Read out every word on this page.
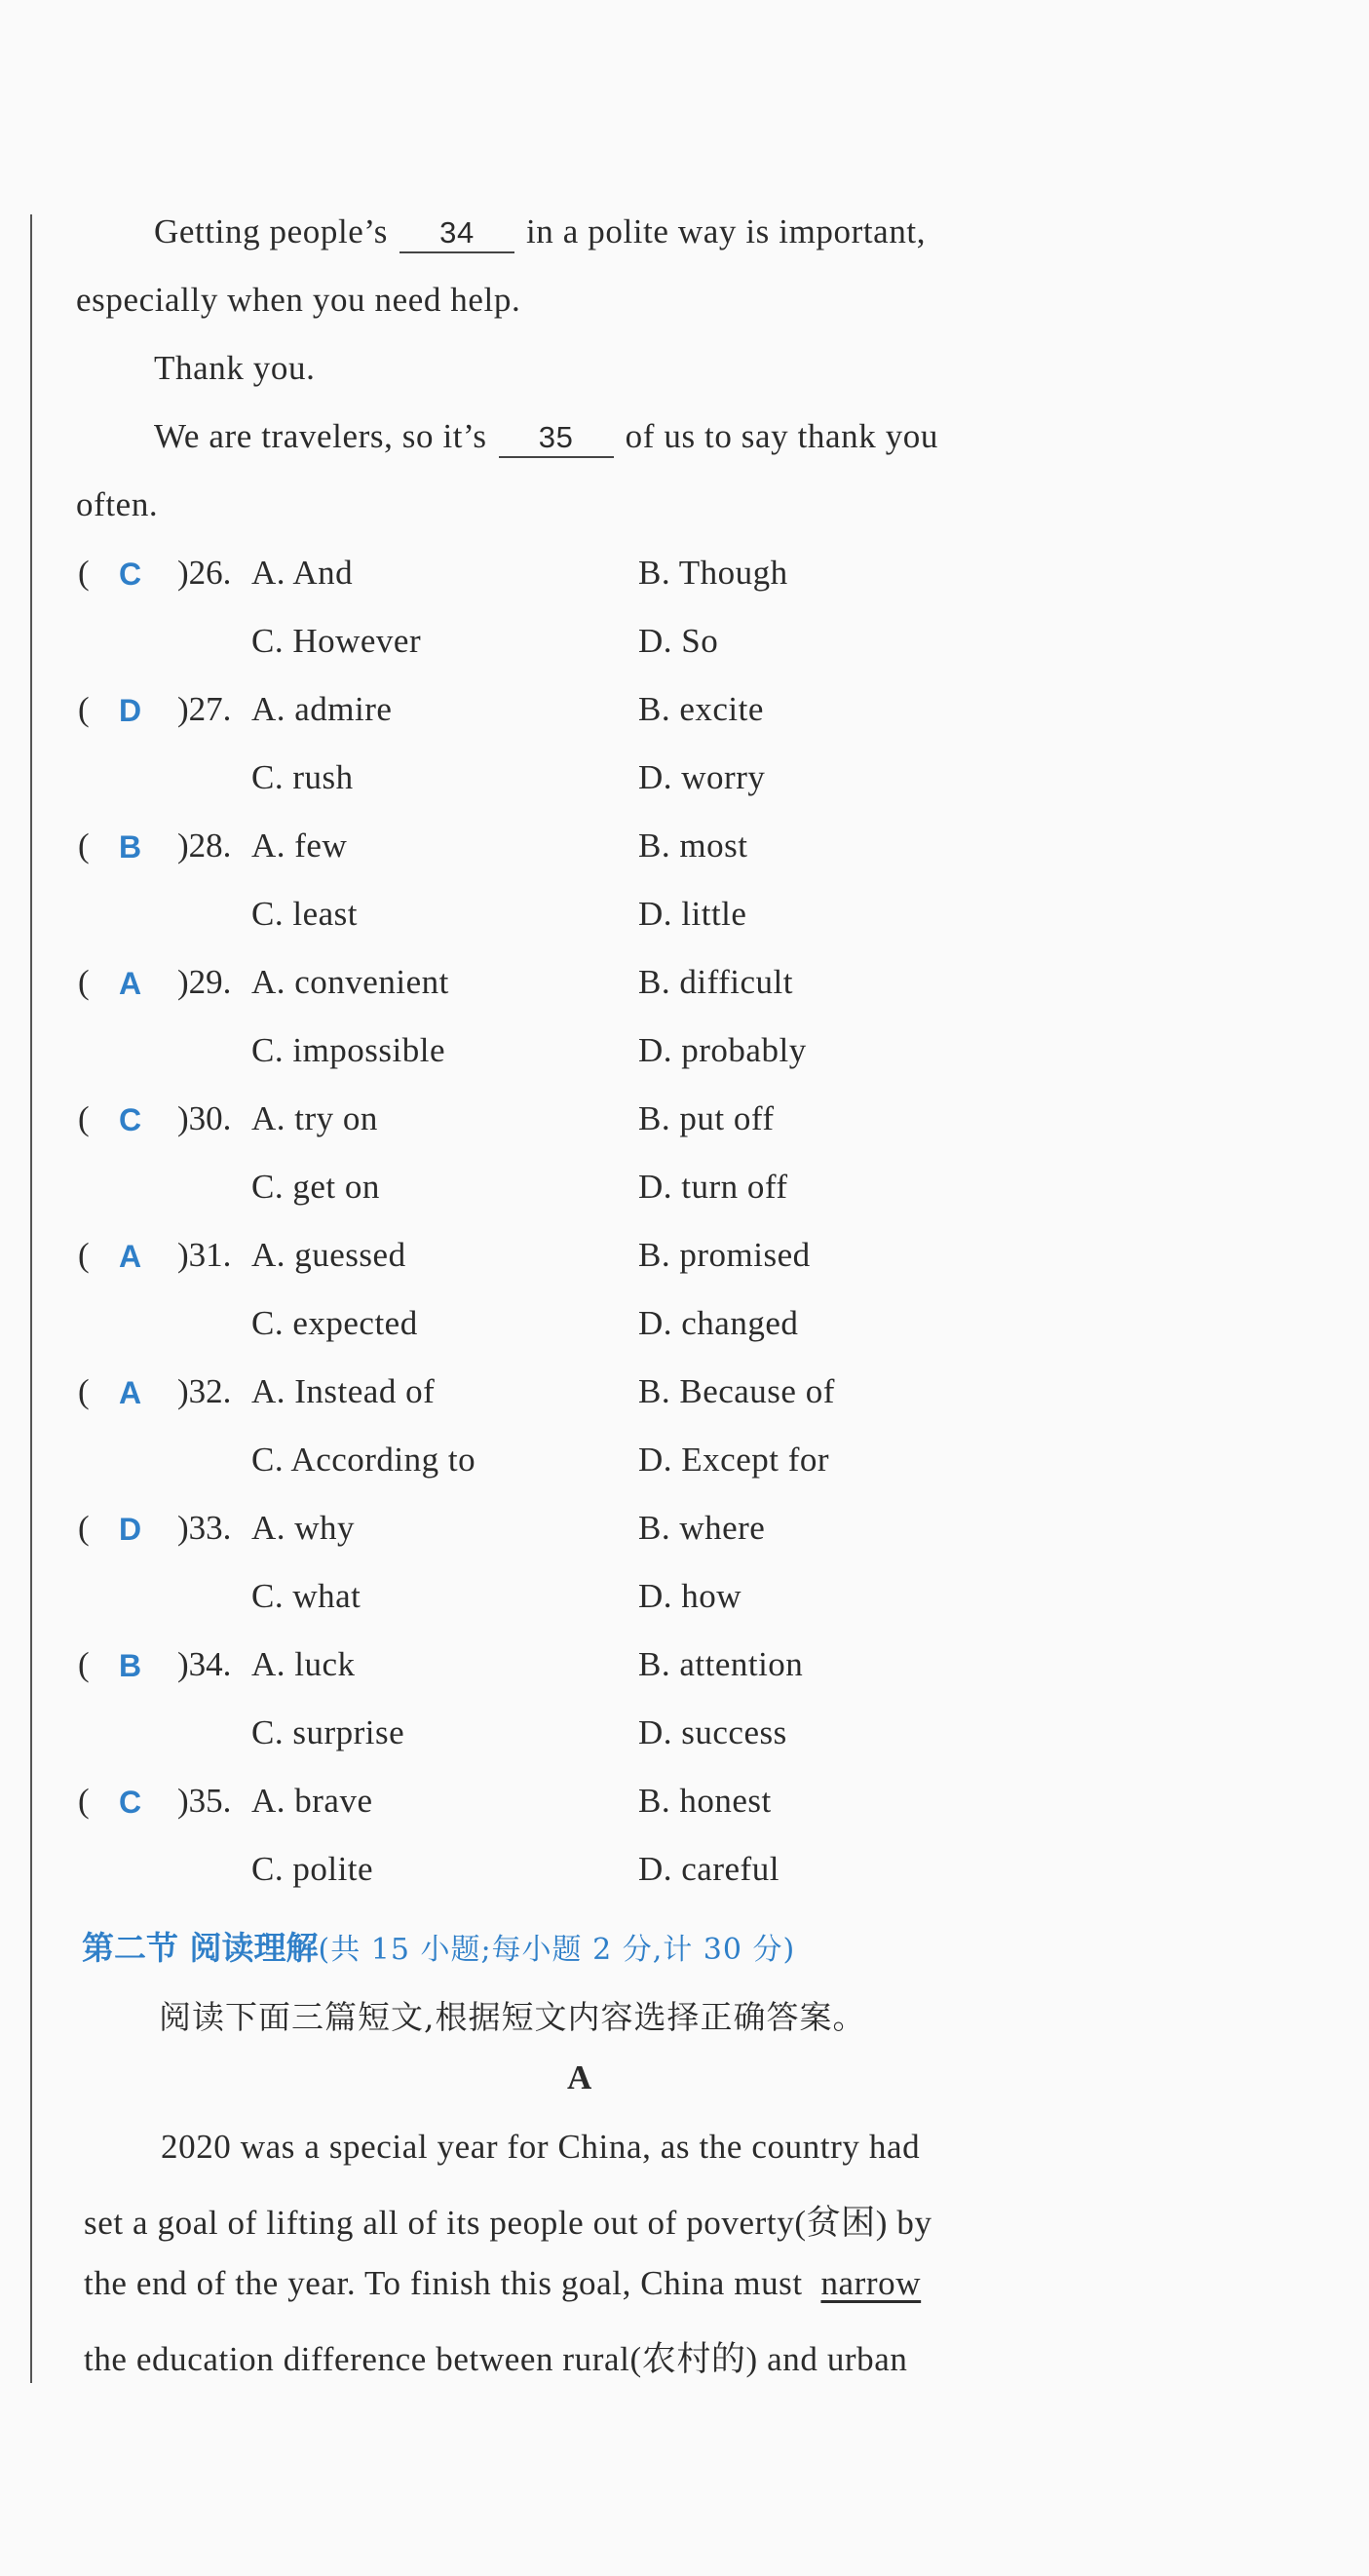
Getting people’s 34 in a polite way is important,
especially when you need help.
Thank you.
We are travelers, so it’s 35 of us to say thank you
often.
( C )26. A. And	B. Though
C. However	D. So
( D )27. A. admire	B. excite
C. rush	D. worry
( B )28. A. few	B. most
C. least	D. little
( A )29. A. convenient	B. difficult
C. impossible	D. probably
( C )30. A. try on	B. put off
C. get on	D. turn off
( A )31. A. guessed	B. promised
C. expected	D. changed
( A )32. A. Instead of	B. Because of
C. According to	D. Except for
( D )33. A. why	B. where
C. what	D. how
( B )34. A. luck	B. attention
C. surprise	D. success
( C )35. A. brave	B. honest
C. polite	D. careful
第二节 阅读理解(共 15 小题;每小题 2 分,计 30 分)
阅读下面三篇短文,根据短文内容选择正确答案。
A
2020 was a special year for China, as the country had
set a goal of lifting all of its people out of poverty(贫困) by
the end of the year. To finish this goal, China must narrow
the education difference between rural(农村的) and urban
